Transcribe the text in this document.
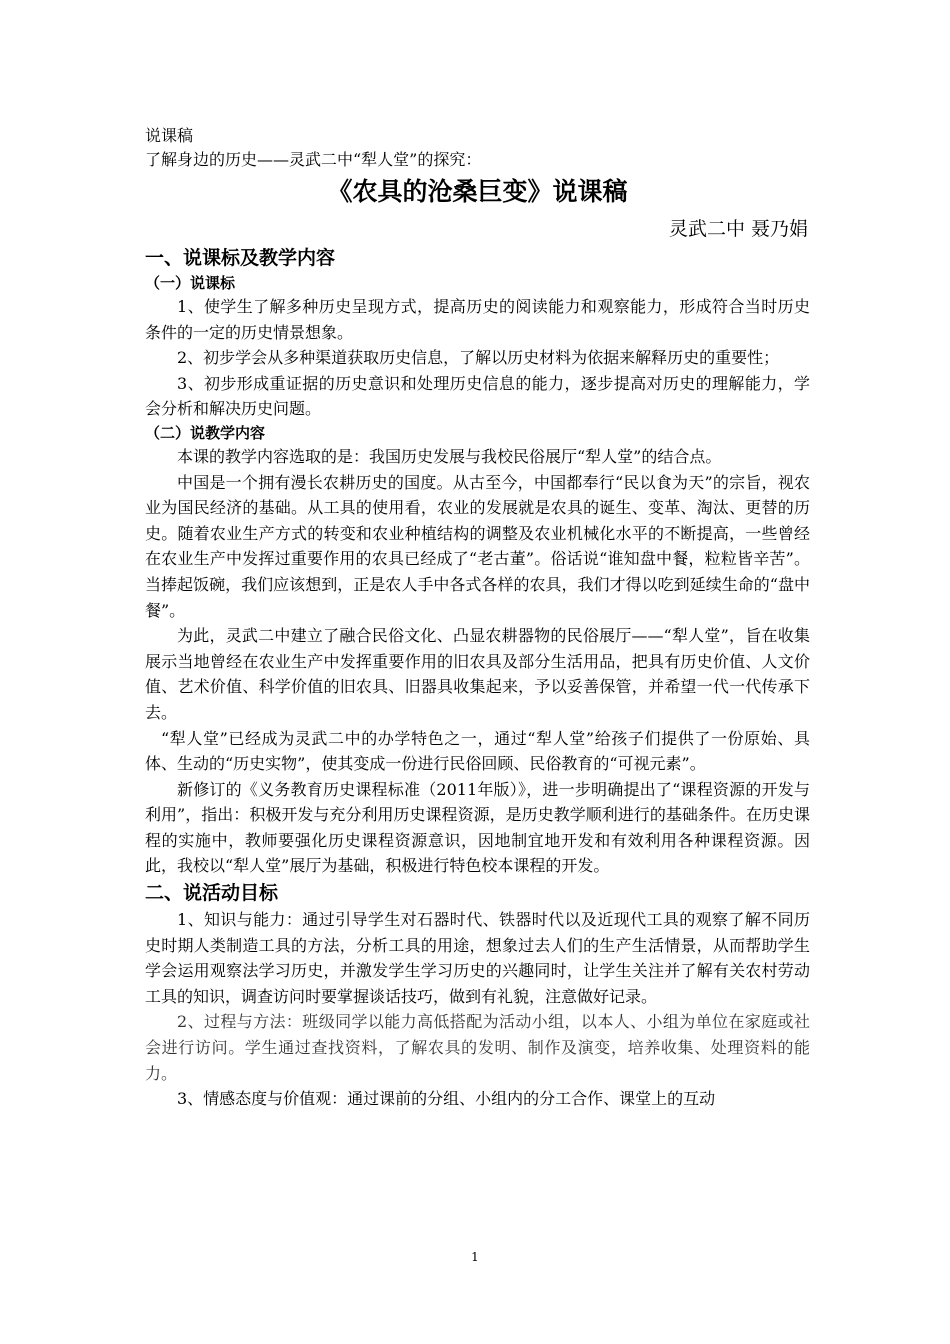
说课稿
了解身边的历史——灵武二中“犁人堂”的探究：
《农具的沧桑巨变》说课稿
灵武二中 聂乃娟
一、说课标及教学内容
（一）说课标

1、使学生了解多种历史呈现方式，提高历史的阅读能力和观察能力，形成符合当时历史条件的一定的历史情景想象。

2、初步学会从多种渠道获取历史信息，了解以历史材料为依据来解释历史的重要性；

3、初步形成重证据的历史意识和处理历史信息的能力，逐步提高对历史的理解能力，学会分析和解决历史问题。

（二）说教学内容

本课的教学内容选取的是：我国历史发展与我校民俗展厅“犁人堂”的结合点。

中国是一个拥有漫长农耕历史的国度。从古至今，中国都奉行“民以食为天”的宗旨，视农业为国民经济的基础。从工具的使用看，农业的发展就是农具的诞生、变革、淘汰、更替的历史。随着农业生产方式的转变和农业种植结构的调整及农业机械化水平的不断提高，一些曾经在农业生产中发挥过重要作用的农具已经成了“老古董”。俗话说“谁知盘中餐，粒粒皆辛苦”。当捧起饭碗，我们应该想到，正是农人手中各式各样的农具，我们才得以吃到延续生命的“盘中餐”。

为此，灵武二中建立了融合民俗文化、凸显农耕器物的民俗展厅——“犁人堂”，旨在收集展示当地曾经在农业生产中发挥重要作用的旧农具及部分生活用品，把具有历史价值、人文价值、艺术价值、科学价值的旧农具、旧器具收集起来，予以妥善保管，并希望一代一代传承下去。

“犁人堂”已经成为灵武二中的办学特色之一，通过“犁人堂”给孩子们提供了一份原始、具体、生动的“历史实物”，使其变成一份进行民俗回顾、民俗教育的“可视元素”。

新修订的《义务教育历史课程标准（2011年版）》，进一步明确提出了“课程资源的开发与利用”，指出：积极开发与充分利用历史课程资源，是历史教学顺利进行的基础条件。在历史课程的实施中，教师要强化历史课程资源意识，因地制宜地开发和有效利用各种课程资源。因此，我校以“犁人堂”展厅为基础，积极进行特色校本课程的开发。

二、说活动目标

1、知识与能力：通过引导学生对石器时代、铁器时代以及近现代工具的观察了解不同历史时期人类制造工具的方法，分析工具的用途，想象过去人们的生产生活情景，从而帮助学生学会运用观察法学习历史，并激发学生学习历史的兴趣同时，让学生关注并了解有关农村劳动工具的知识，调查访问时要掌握谈话技巧，做到有礼貌，注意做好记录。

2、过程与方法：班级同学以能力高低搭配为活动小组，以本人、小组为单位在家庭或社会进行访问。学生通过查找资料，了解农具的发明、制作及演变，培养收集、处理资料的能力。

3、情感态度与价值观：通过课前的分组、小组内的分工合作、课堂上的互动

1
